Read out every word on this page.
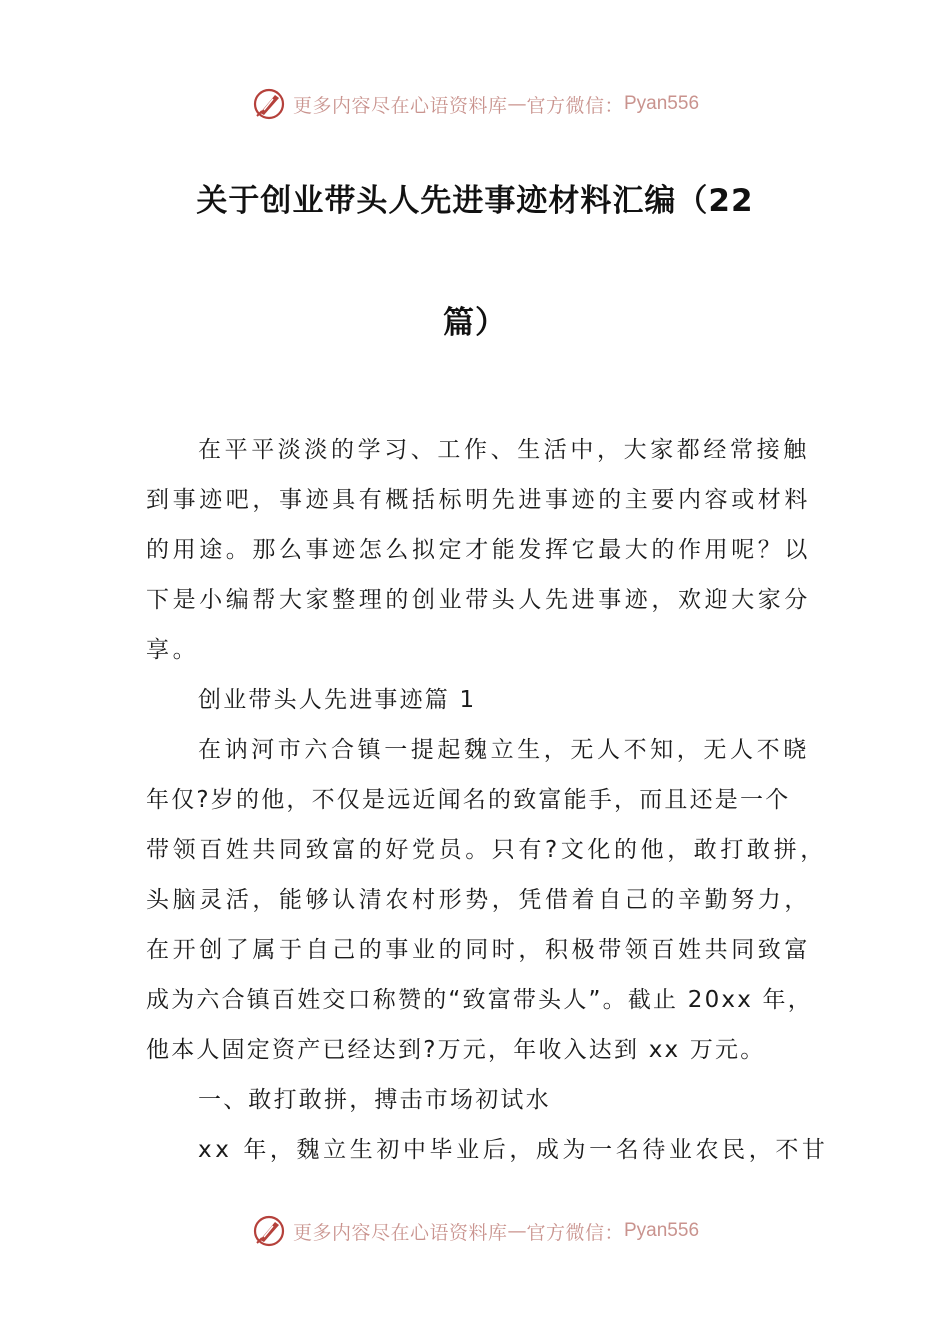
更多内容尽在心语资料库 — 官方微信： Pyan556
关于创业带头人先进事迹材料汇编（22
篇）
在平平淡淡的学习、工作、生活中，大家都经常接触
到事迹吧，事迹具有概括标明先进事迹的主要内容或材料
的用途。那么事迹怎么拟定才能发挥它最大的作用呢？以
下是小编帮大家整理的创业带头人先进事迹，欢迎大家分
享。
创业带头人先进事迹篇 1
在讷河市六合镇一提起魏立生，无人不知，无人不晓
年仅?岁的他，不仅是远近闻名的致富能手，而且还是一个
带领百姓共同致富的好党员。只有?文化的他，敢打敢拼，
头脑灵活，能够认清农村形势，凭借着自己的辛勤努力，
在开创了属于自己的事业的同时，积极带领百姓共同致富
成为六合镇百姓交口称赞的“致富带头人”。截止 20xx 年，
他本人固定资产已经达到?万元，年收入达到 xx 万元。
一、敢打敢拼，搏击市场初试水
xx 年，魏立生初中毕业后，成为一名待业农民，不甘
更多内容尽在心语资料库 — 官方微信： Pyan556
